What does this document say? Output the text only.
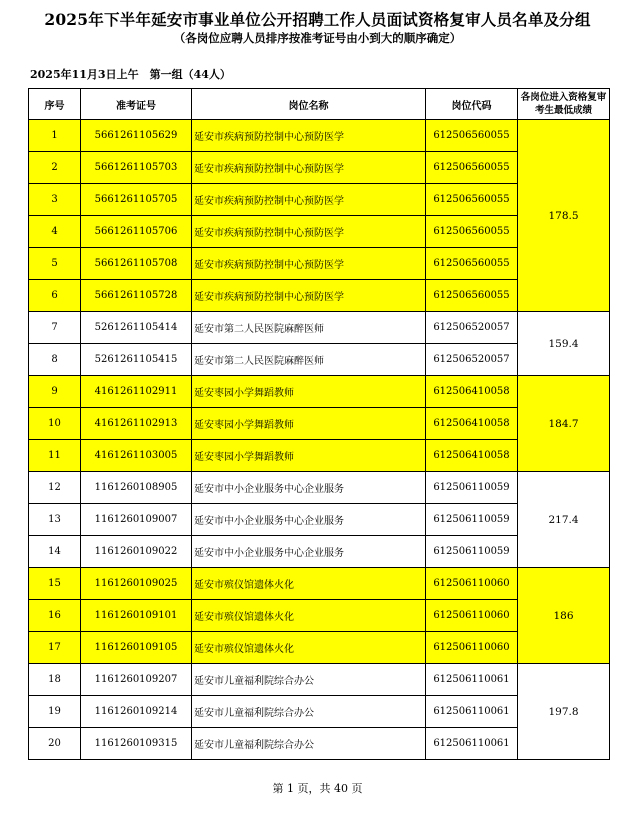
2025年下半年延安市事业单位公开招聘工作人员面试资格复审人员名单及分组
（各岗位应聘人员排序按准考证号由小到大的顺序确定）
2025年11月3日上午　第一组（44人）
序号	准考证号	岗位名称	岗位代码	各岗位进入资格复审考生最低成绩
1	5661261105629	延安市疾病预防控制中心预防医学	612506560055	178.5
2	5661261105703	延安市疾病预防控制中心预防医学	612506560055	
3	5661261105705	延安市疾病预防控制中心预防医学	612506560055	
4	5661261105706	延安市疾病预防控制中心预防医学	612506560055	
5	5661261105708	延安市疾病预防控制中心预防医学	612506560055	
6	5661261105728	延安市疾病预防控制中心预防医学	612506560055	
7	5261261105414	延安市第二人民医院麻醉医师	612506520057	159.4
8	5261261105415	延安市第二人民医院麻醉医师	612506520057	
9	4161261102911	延安枣园小学舞蹈教师	612506410058	184.7
10	4161261102913	延安枣园小学舞蹈教师	612506410058	
11	4161261103005	延安枣园小学舞蹈教师	612506410058	
12	1161260108905	延安市中小企业服务中心企业服务	612506110059	217.4
13	1161260109007	延安市中小企业服务中心企业服务	612506110059	
14	1161260109022	延安市中小企业服务中心企业服务	612506110059	
15	1161260109025	延安市殡仪馆遗体火化	612506110060	186
16	1161260109101	延安市殡仪馆遗体火化	612506110060	
17	1161260109105	延安市殡仪馆遗体火化	612506110060	
18	1161260109207	延安市儿童福利院综合办公	612506110061	197.8
19	1161260109214	延安市儿童福利院综合办公	612506110061	
20	1161260109315	延安市儿童福利院综合办公	612506110061	
第 1 页，共 40 页
